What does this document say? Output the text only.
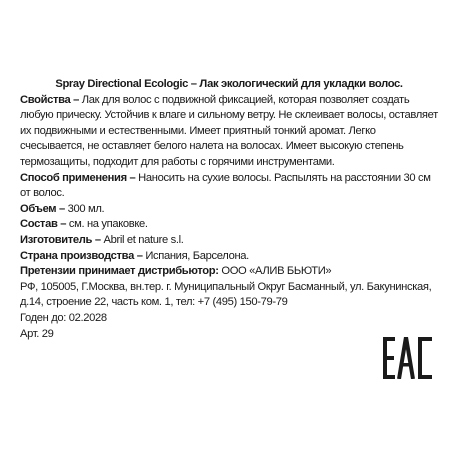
Spray Directional Ecologic – Лак экологический для укладки волос.
Свойства – Лак для волос с подвижной фиксацией, которая позволяет создать любую прическу. Устойчив к влаге и сильному ветру. Не склеивает волосы, оставляет их подвижными и естественными. Имеет приятный тонкий аромат. Легко счесывается, не оставляет белого налета на волосах. Имеет высокую степень термозащиты, подходит для работы с горячими инструментами.
Способ применения – Наносить на сухие волосы. Распылять на расстоянии 30 см от волос.
Объем – 300 мл.
Состав – см. на упаковке.
Изготовитель – Abril et nature s.l.
Страна производства – Испания, Барселона.
Претензии принимает дистрибьютор: ООО «АЛИВ БЬЮТИ»
РФ, 105005, Г.Москва, вн.тер. г. Муниципальный Округ Басманный, ул. Бакунинская, д.14, строение 22, часть ком. 1, тел: +7 (495) 150-79-79
Годен до: 02.2028
Арт. 29
